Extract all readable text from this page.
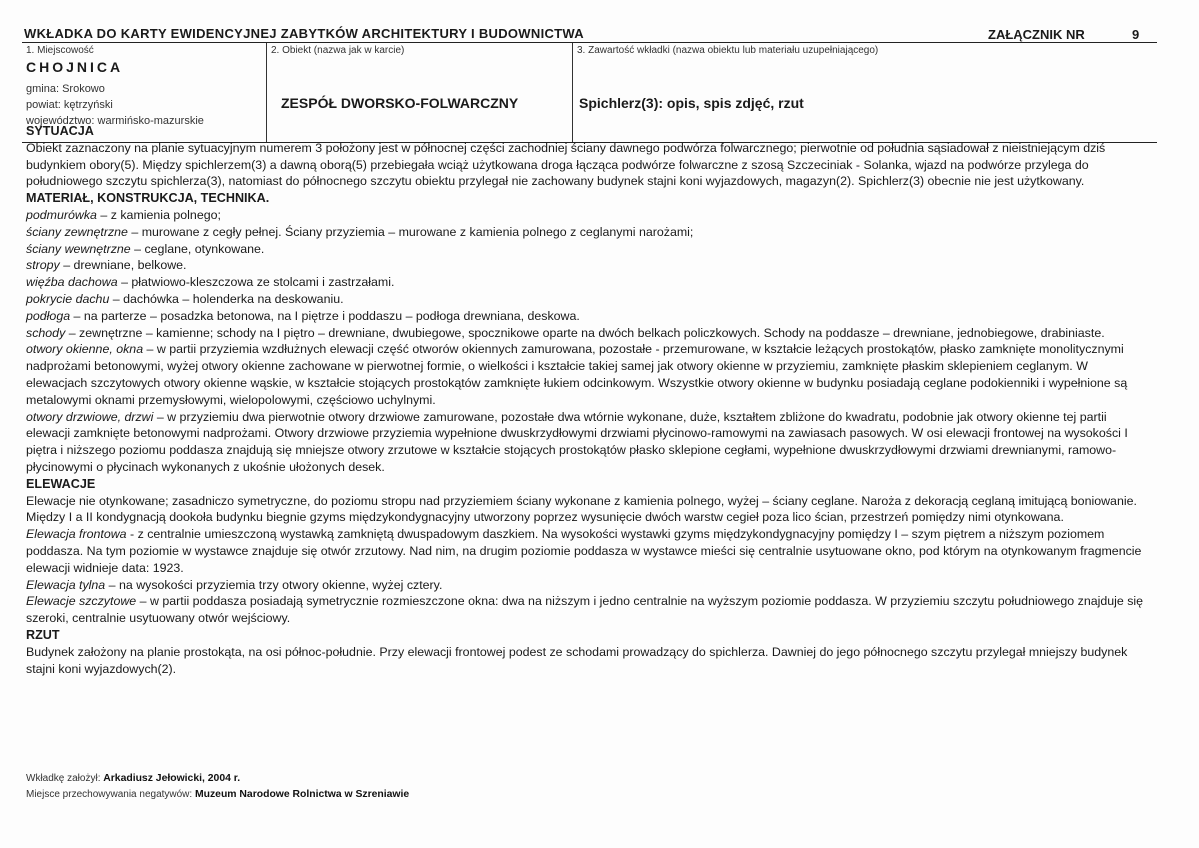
WKŁADKA DO KARTY EWIDENCYJNEJ ZABYTKÓW ARCHITEKTURY I BUDOWNICTWA	ZAŁĄCZNIK NR	9
1. Miejscowość
CHOJNICA
gmina: Srokowo
powiat: kętrzyński
województwo: warmińsko-mazurskie
2. Obiekt (nazwa jak w karcie)
ZESPÓŁ DWORSKO-FOLWARCZNY
3. Zawartość wkładki (nazwa obiektu lub materiału uzupełniającego)
Spichlerz(3): opis, spis zdjęć, rzut

SYTUACJA

Obiekt zaznaczony na planie sytuacyjnym numerem 3 położony jest w północnej części zachodniej ściany dawnego podwórza folwarcznego; pierwotnie od południa sąsiadował z nieistniejącym dziś budynkiem obory(5). Między spichlerzem(3) a dawną oborą(5) przebiegała wciąż użytkowana droga łącząca podwórze folwarczne z szosą Szczeciniak - Solanka, wjazd na podwórze przylega do południowego szczytu spichlerza(3), natomiast do północnego szczytu obiektu przylegał nie zachowany budynek stajni koni wyjazdowych, magazyn(2). Spichlerz(3) obecnie nie jest użytkowany.

MATERIAŁ, KONSTRUKCJA, TECHNIKA.

podmurówka – z kamienia polnego;

ściany zewnętrzne – murowane z cegły pełnej. Ściany przyziemia – murowane z kamienia polnego z ceglanymi narożami;

ściany wewnętrzne – ceglane, otynkowane.

stropy – drewniane, belkowe.

więźba dachowa – płatwiowo-kleszczowa ze stolcami i zastrzałami.

pokrycie dachu – dachówka – holenderka na deskowaniu.

podłoga – na parterze – posadzka betonowa, na I piętrze i poddaszu – podłoga drewniana, deskowa.

schody – zewnętrzne – kamienne; schody na I piętro – drewniane, dwubiegowe, spocznikowe oparte na dwóch belkach policzkowych. Schody na poddasze – drewniane, jednobiegowe, drabiniaste.

otwory okienne, okna – w partii przyziemia wzdłużnych elewacji część otworów okiennych zamurowana, pozostałe - przemurowane, w kształcie leżących prostokątów, płasko zamknięte monolitycznymi nadprożami betonowymi, wyżej otwory okienne zachowane w pierwotnej formie, o wielkości i kształcie takiej samej jak otwory okienne w przyziemiu, zamknięte płaskim sklepieniem ceglanym. W elewacjach szczytowych otwory okienne wąskie, w kształcie stojących prostokątów zamknięte łukiem odcinkowym. Wszystkie otwory okienne w budynku posiadają ceglane podokienniki i wypełnione są metalowymi oknami przemysłowymi, wielopolowymi, częściowo uchylnymi.

otwory drzwiowe, drzwi – w przyziemiu dwa pierwotnie otwory drzwiowe zamurowane, pozostałe dwa wtórnie wykonane, duże, kształtem zbliżone do kwadratu, podobnie jak otwory okienne tej partii elewacji zamknięte betonowymi nadprożami. Otwory drzwiowe przyziemia wypełnione dwuskrzydłowymi drzwiami płycinowo-ramowymi na zawiasach pasowych. W osi elewacji frontowej na wysokości I piętra i niższego poziomu poddasza znajdują się mniejsze otwory zrzutowe w kształcie stojących prostokątów płasko sklepione cegłami, wypełnione dwuskrzydłowymi drzwiami drewnianymi, ramowo-płycinowymi o płycinach wykonanych z ukośnie ułożonych desek.

ELEWACJE

Elewacje nie otynkowane; zasadniczo symetryczne, do poziomu stropu nad przyziemiem ściany wykonane z kamienia polnego, wyżej – ściany ceglane. Naroża z dekoracją ceglaną imitującą boniowanie. Między I a II kondygnacją dookoła budynku biegnie gzyms międzykondygnacyjny utworzony poprzez wysunięcie dwóch warstw cegieł poza lico ścian, przestrzeń pomiędzy nimi otynkowana.

Elewacja frontowa - z centralnie umieszczoną wystawką zamkniętą dwuspadowym daszkiem. Na wysokości wystawki gzyms międzykondygnacyjny pomiędzy I – szym piętrem a niższym poziomem poddasza. Na tym poziomie w wystawce znajduje się otwór zrzutowy. Nad nim, na drugim poziomie poddasza w wystawce mieści się centralnie usytuowane okno, pod którym na otynkowanym fragmencie elewacji widnieje data: 1923.

Elewacja tylna – na wysokości przyziemia trzy otwory okienne, wyżej cztery.

Elewacje szczytowe – w partii poddasza posiadają symetrycznie rozmieszczone okna: dwa na niższym i jedno centralnie na wyższym poziomie poddasza. W przyziemiu szczytu południowego znajduje się szeroki, centralnie usytuowany otwór wejściowy.

RZUT

Budynek założony na planie prostokąta, na osi północ-południe. Przy elewacji frontowej podest ze schodami prowadzący do spichlerza. Dawniej do jego północnego szczytu przylegał mniejszy budynek stajni koni wyjazdowych(2).

Wkładkę założył: Arkadiusz Jełowicki, 2004 r.
Miejsce przechowywania negatywów: Muzeum Narodowe Rolnictwa w Szreniawie
